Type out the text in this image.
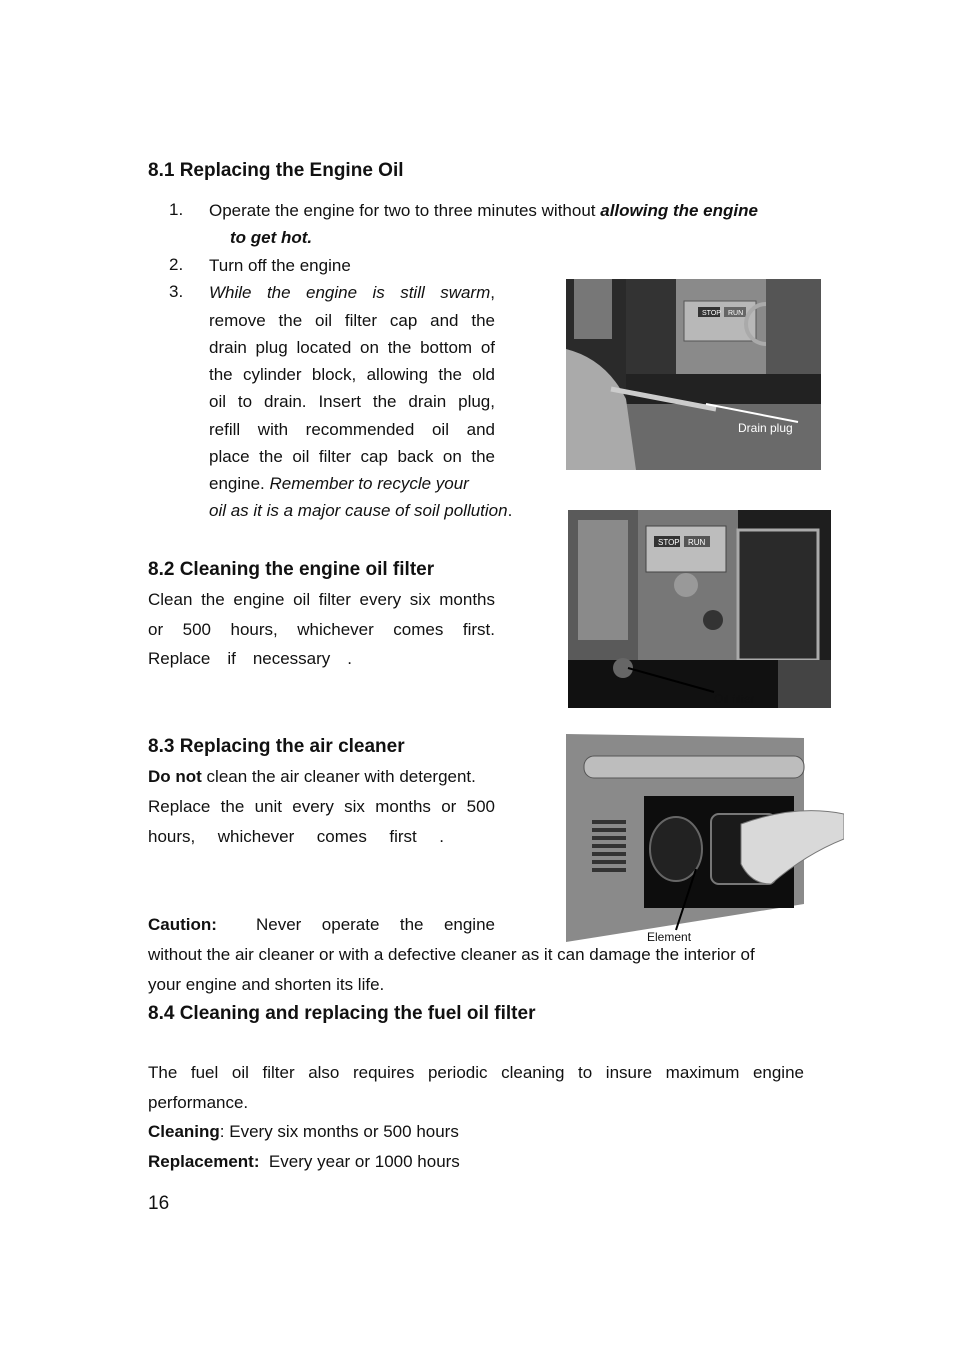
8.1 Replacing the Engine Oil
1.	Operate the engine for two to three minutes without allowing the engine
to get hot.
2.	Turn off the engine
3.	While the engine is still swarm,
remove the oil filter cap and the
drain plug located on the bottom of
the cylinder block, allowing the old
oil to drain. Insert the drain plug,
refill with recommended oil and
place the oil filter cap back on the
engine. Remember to recycle your
oil as it is a major cause of soil pollution.
STOP RUN
Drain plug
8.2 Cleaning the engine oil filter
Clean the engine oil filter every six months
or 500 hours, whichever comes first.
Replace if necessary .
STOP RUN
Oil filter
8.3 Replacing the air cleaner
Do not clean the air cleaner with detergent.
Replace the unit every six months or 500
hours, whichever comes first .
Caution: Never operate the engine
without the air cleaner or with a defective cleaner as it can damage the interior of
your engine and shorten its life.
Element
8.4 Cleaning and replacing the fuel oil filter
The fuel oil filter also requires periodic cleaning to insure maximum engine
performance.
Cleaning: Every six months or 500 hours
Replacement:  Every year or 1000 hours
16
